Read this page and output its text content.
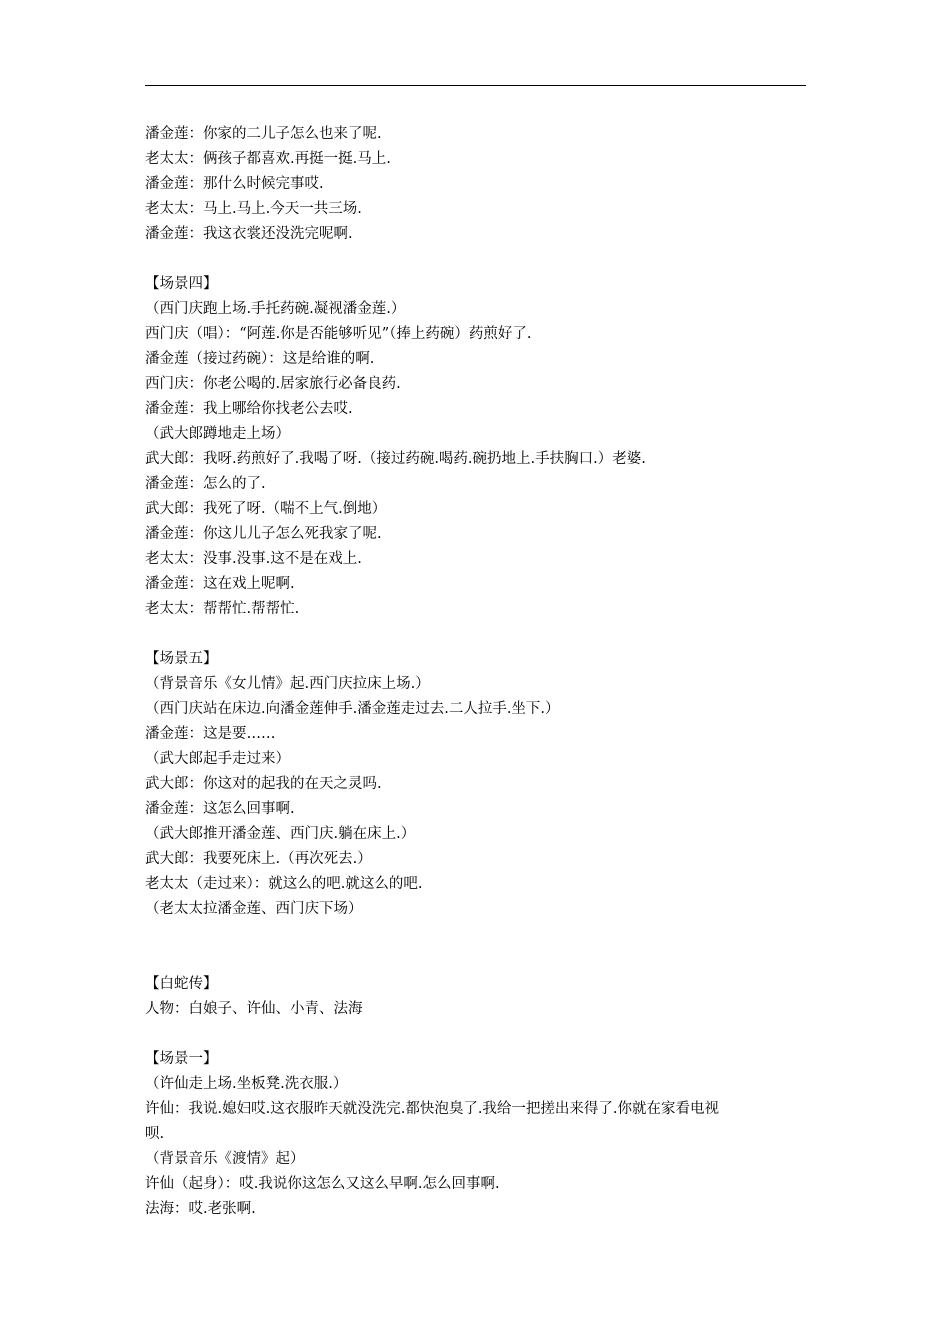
潘金莲：你家的二儿子怎么也来了呢.
老太太：俩孩子都喜欢.再挺一挺.马上.
潘金莲：那什么时候完事哎.
老太太：马上.马上.今天一共三场.
潘金莲：我这衣裳还没洗完呢啊.
【场景四】
（西门庆跑上场.手托药碗.凝视潘金莲.）
西门庆（唱）：“阿莲.你是否能够听见”（捧上药碗）药煎好了.
潘金莲（接过药碗）：这是给谁的啊.
西门庆：你老公喝的.居家旅行必备良药.
潘金莲：我上哪给你找老公去哎.
（武大郎蹲地走上场）
武大郎：我呀.药煎好了.我喝了呀.（接过药碗.喝药.碗扔地上.手扶胸口.）老婆.
潘金莲：怎么的了.
武大郎：我死了呀.（喘不上气.倒地）
潘金莲：你这儿儿子怎么死我家了呢.
老太太：没事.没事.这不是在戏上.
潘金莲：这在戏上呢啊.
老太太：帮帮忙.帮帮忙.
【场景五】
（背景音乐《女儿情》起.西门庆拉床上场.）
（西门庆站在床边.向潘金莲伸手.潘金莲走过去.二人拉手.坐下.）
潘金莲：这是要……
（武大郎起手走过来）
武大郎：你这对的起我的在天之灵吗.
潘金莲：这怎么回事啊.
（武大郎推开潘金莲、西门庆.躺在床上.）
武大郎：我要死床上.（再次死去.）
老太太（走过来）：就这么的吧.就这么的吧.
（老太太拉潘金莲、西门庆下场）
【白蛇传】
人物：白娘子、许仙、小青、法海
【场景一】
（许仙走上场.坐板凳.洗衣服.）
许仙：我说.媳妇哎.这衣服昨天就没洗完.都快泡臭了.我给一把搓出来得了.你就在家看电视
呗.
（背景音乐《渡情》起）
许仙（起身）：哎.我说你这怎么又这么早啊.怎么回事啊.
法海：哎.老张啊.
